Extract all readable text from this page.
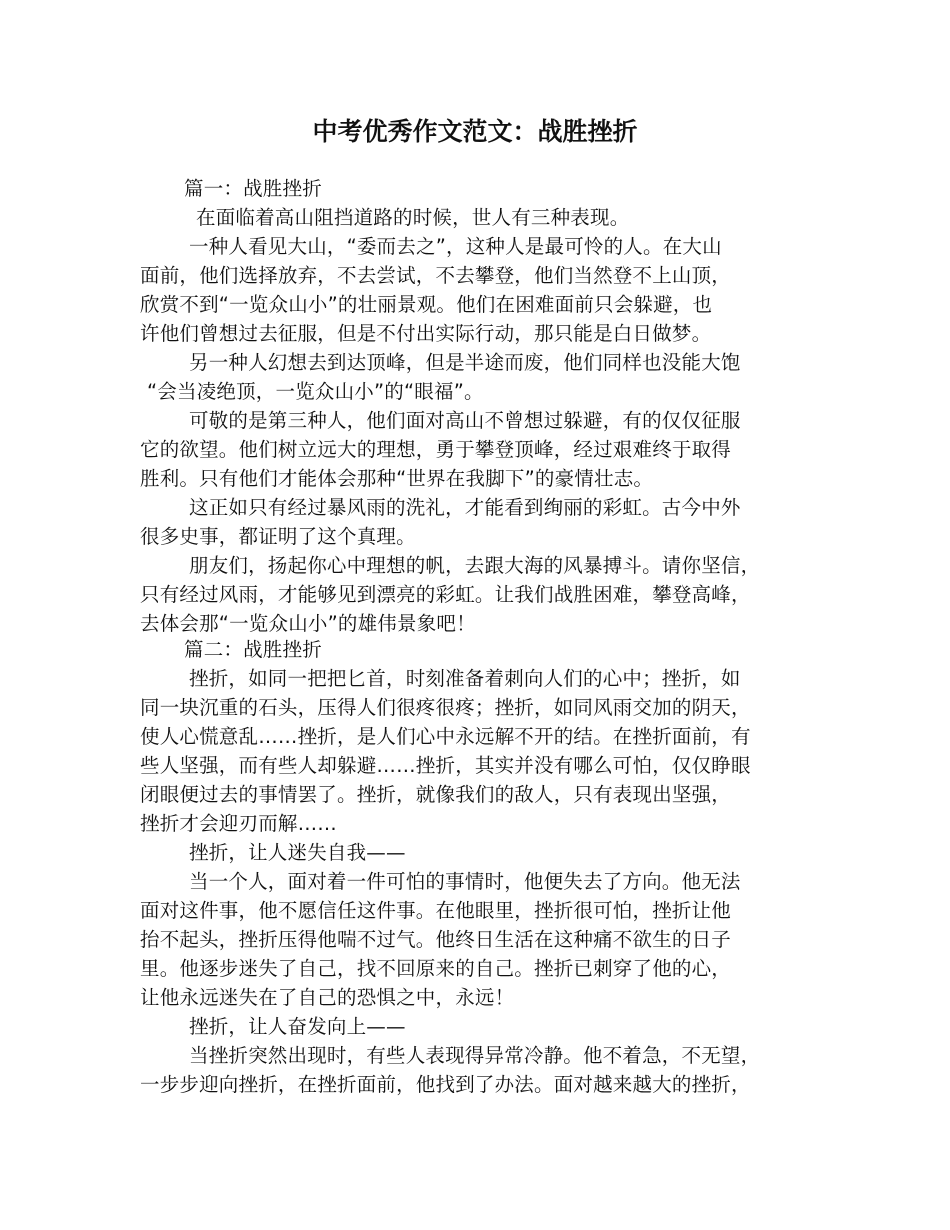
中考优秀作文范文：战胜挫折
篇一：战胜挫折
在面临着高山阻挡道路的时候，世人有三种表现。
一种人看见大山，“委而去之”，这种人是最可怜的人。在大山
面前，他们选择放弃，不去尝试，不去攀登，他们当然登不上山顶，
欣赏不到“一览众山小”的壮丽景观。他们在困难面前只会躲避，也
许他们曾想过去征服，但是不付出实际行动，那只能是白日做梦。
另一种人幻想去到达顶峰，但是半途而废，他们同样也没能大饱
“会当凌绝顶，一览众山小”的“眼福”。
可敬的是第三种人，他们面对高山不曾想过躲避，有的仅仅征服
它的欲望。他们树立远大的理想，勇于攀登顶峰，经过艰难终于取得
胜利。只有他们才能体会那种“世界在我脚下”的豪情壮志。
这正如只有经过暴风雨的洗礼，才能看到绚丽的彩虹。古今中外
很多史事，都证明了这个真理。
朋友们，扬起你心中理想的帆，去跟大海的风暴搏斗。请你坚信，
只有经过风雨，才能够见到漂亮的彩虹。让我们战胜困难，攀登高峰，
去体会那“一览众山小”的雄伟景象吧！
篇二：战胜挫折
挫折，如同一把把匕首，时刻准备着刺向人们的心中；挫折，如
同一块沉重的石头，压得人们很疼很疼；挫折，如同风雨交加的阴天，
使人心慌意乱……挫折，是人们心中永远解不开的结。在挫折面前，有
些人坚强，而有些人却躲避……挫折，其实并没有哪么可怕，仅仅睁眼
闭眼便过去的事情罢了。挫折，就像我们的敌人，只有表现出坚强，
挫折才会迎刃而解……
挫折，让人迷失自我——
当一个人，面对着一件可怕的事情时，他便失去了方向。他无法
面对这件事，他不愿信任这件事。在他眼里，挫折很可怕，挫折让他
抬不起头，挫折压得他喘不过气。他终日生活在这种痛不欲生的日子
里。他逐步迷失了自己，找不回原来的自己。挫折已刺穿了他的心，
让他永远迷失在了自己的恐惧之中，永远！
挫折，让人奋发向上——
当挫折突然出现时，有些人表现得异常冷静。他不着急，不无望，
一步步迎向挫折，在挫折面前，他找到了办法。面对越来越大的挫折，
